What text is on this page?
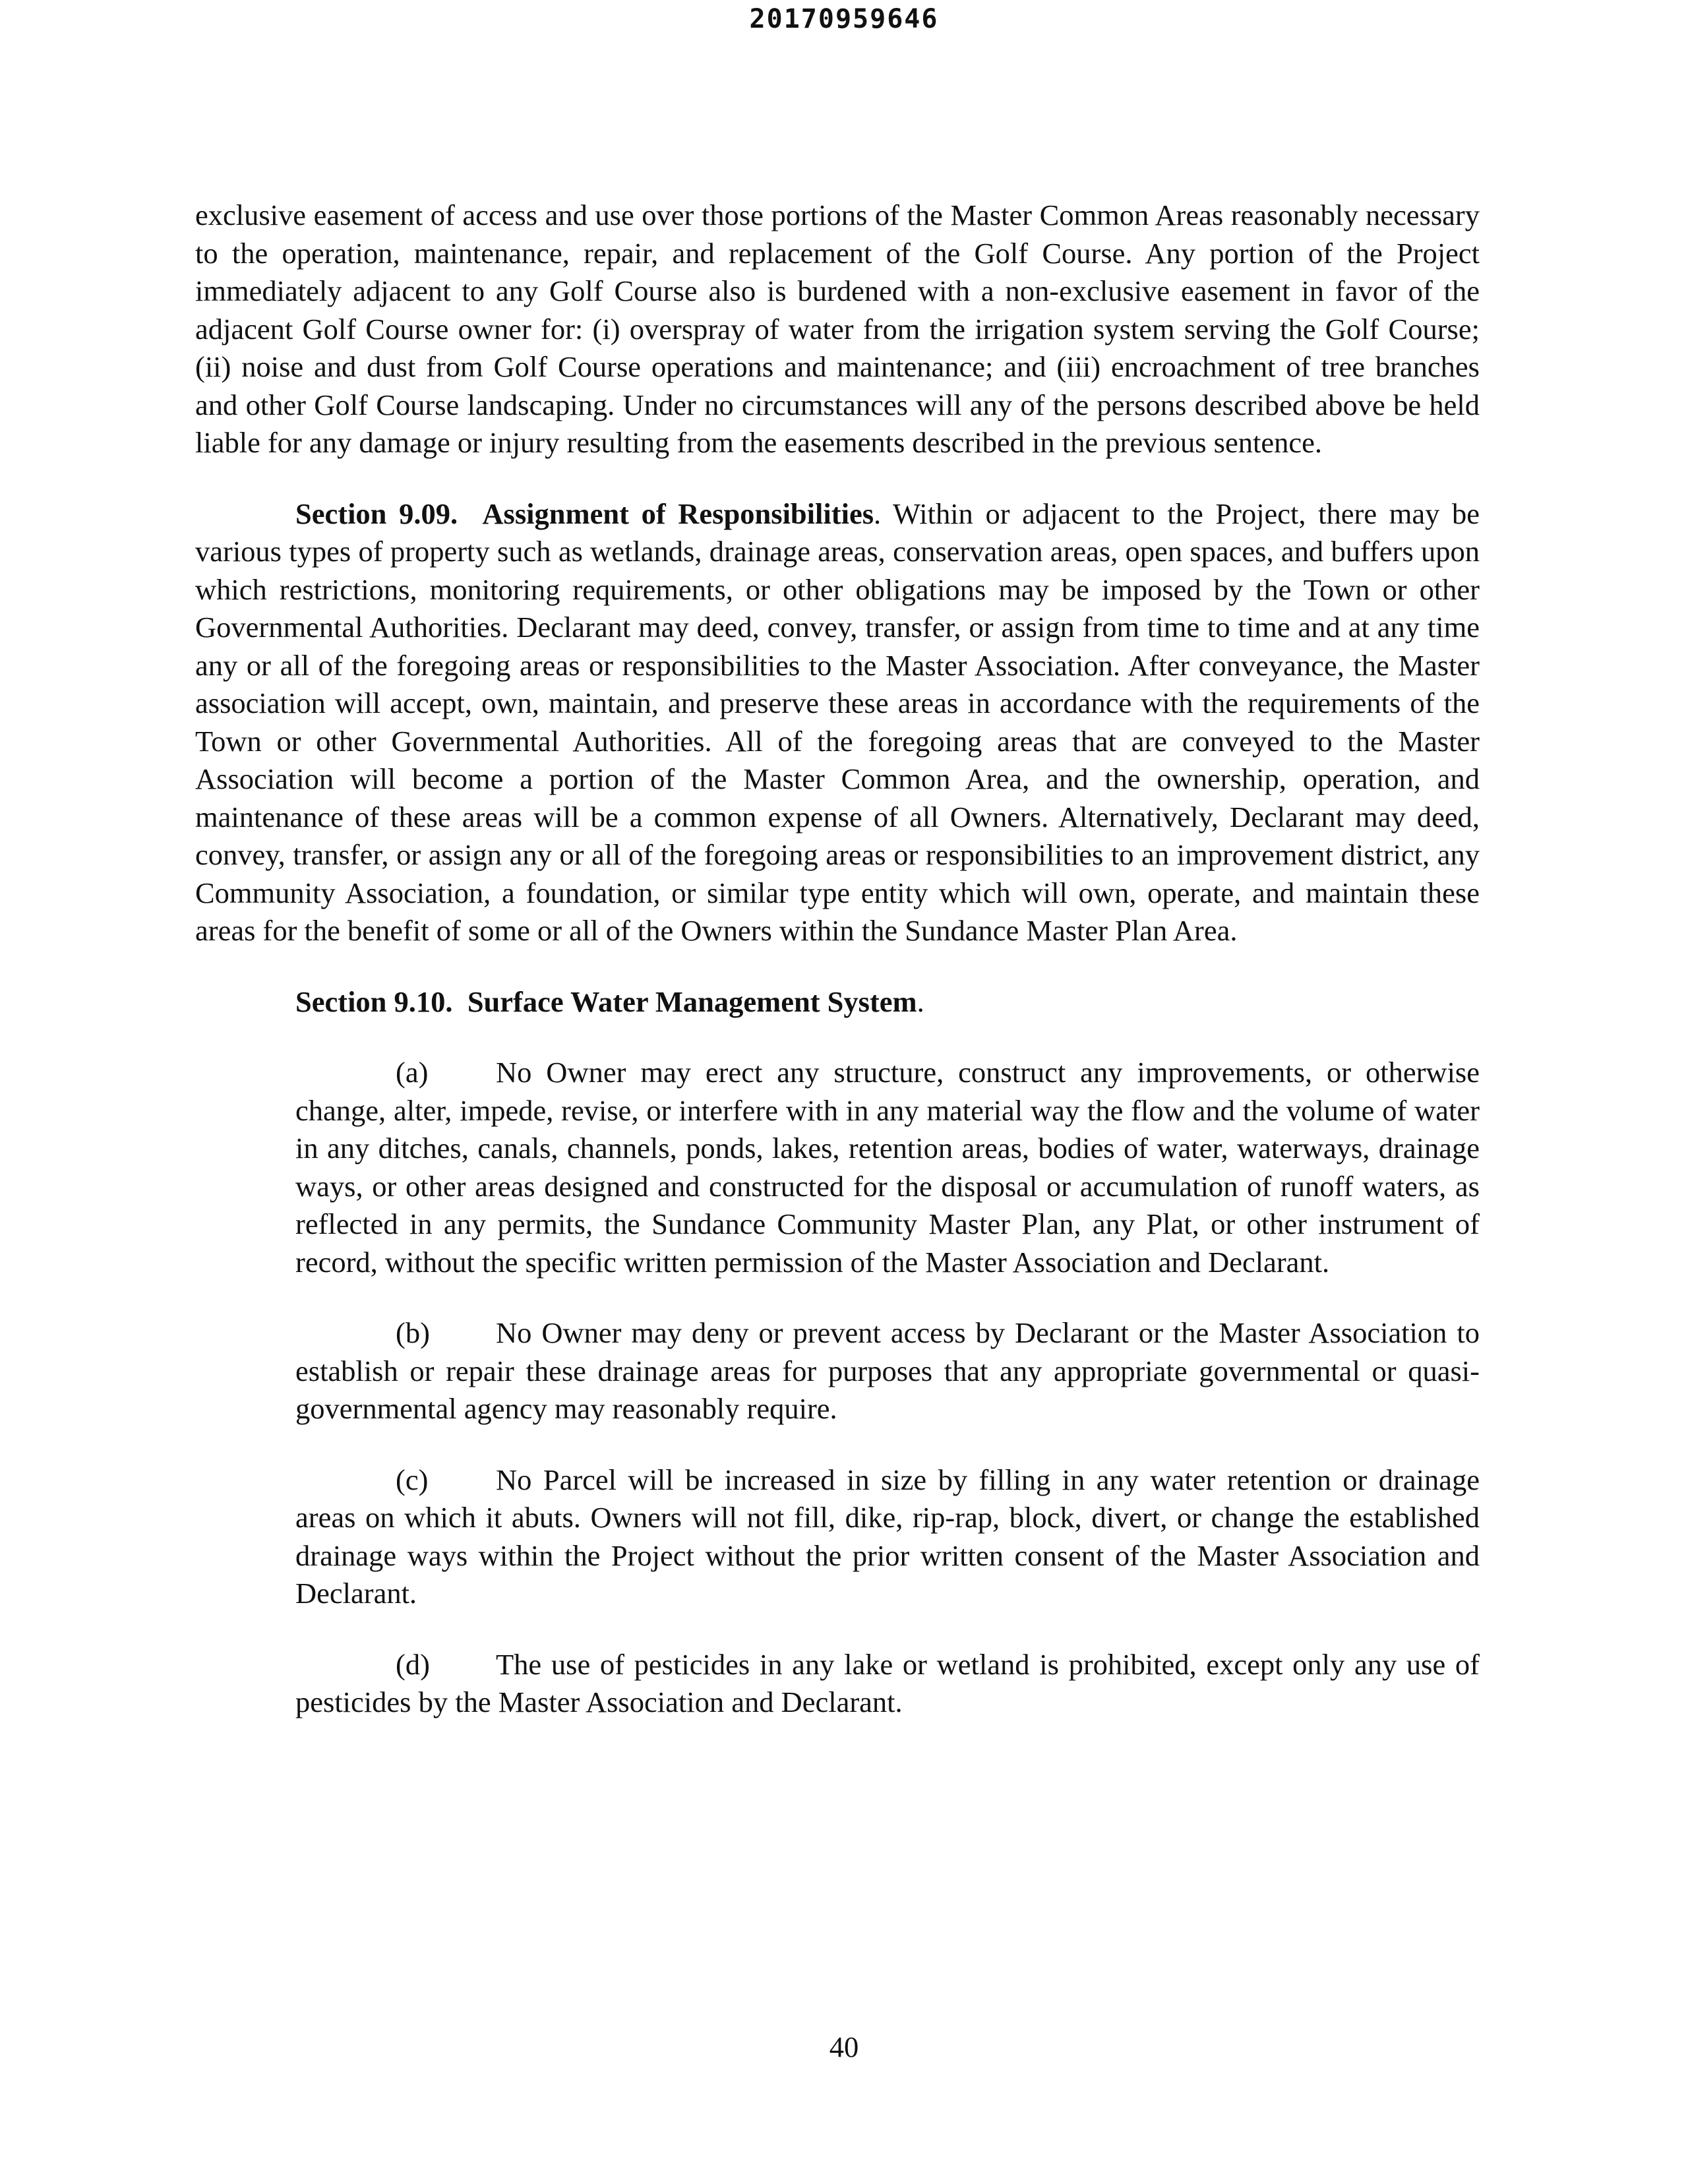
20170959646

exclusive easement of access and use over those portions of the Master Common Areas reasonably necessary to the operation, maintenance, repair, and replacement of the Golf Course. Any portion of the Project immediately adjacent to any Golf Course also is burdened with a non-exclusive easement in favor of the adjacent Golf Course owner for: (i) overspray of water from the irrigation system serving the Golf Course; (ii) noise and dust from Golf Course operations and maintenance; and (iii) encroachment of tree branches and other Golf Course landscaping. Under no circumstances will any of the persons described above be held liable for any damage or injury resulting from the easements described in the previous sentence.

Section 9.09. Assignment of Responsibilities. Within or adjacent to the Project, there may be various types of property such as wetlands, drainage areas, conservation areas, open spaces, and buffers upon which restrictions, monitoring requirements, or other obligations may be imposed by the Town or other Governmental Authorities. Declarant may deed, convey, transfer, or assign from time to time and at any time any or all of the foregoing areas or responsibilities to the Master Association. After conveyance, the Master association will accept, own, maintain, and preserve these areas in accordance with the requirements of the Town or other Governmental Authorities. All of the foregoing areas that are conveyed to the Master Association will become a portion of the Master Common Area, and the ownership, operation, and maintenance of these areas will be a common expense of all Owners. Alternatively, Declarant may deed, convey, transfer, or assign any or all of the foregoing areas or responsibilities to an improvement district, any Community Association, a foundation, or similar type entity which will own, operate, and maintain these areas for the benefit of some or all of the Owners within the Sundance Master Plan Area.

Section 9.10. Surface Water Management System.

(a) No Owner may erect any structure, construct any improvements, or otherwise change, alter, impede, revise, or interfere with in any material way the flow and the volume of water in any ditches, canals, channels, ponds, lakes, retention areas, bodies of water, waterways, drainage ways, or other areas designed and constructed for the disposal or accumulation of runoff waters, as reflected in any permits, the Sundance Community Master Plan, any Plat, or other instrument of record, without the specific written permission of the Master Association and Declarant.

(b) No Owner may deny or prevent access by Declarant or the Master Association to establish or repair these drainage areas for purposes that any appropriate governmental or quasi-governmental agency may reasonably require.

(c) No Parcel will be increased in size by filling in any water retention or drainage areas on which it abuts. Owners will not fill, dike, rip-rap, block, divert, or change the established drainage ways within the Project without the prior written consent of the Master Association and Declarant.

(d) The use of pesticides in any lake or wetland is prohibited, except only any use of pesticides by the Master Association and Declarant.

40
